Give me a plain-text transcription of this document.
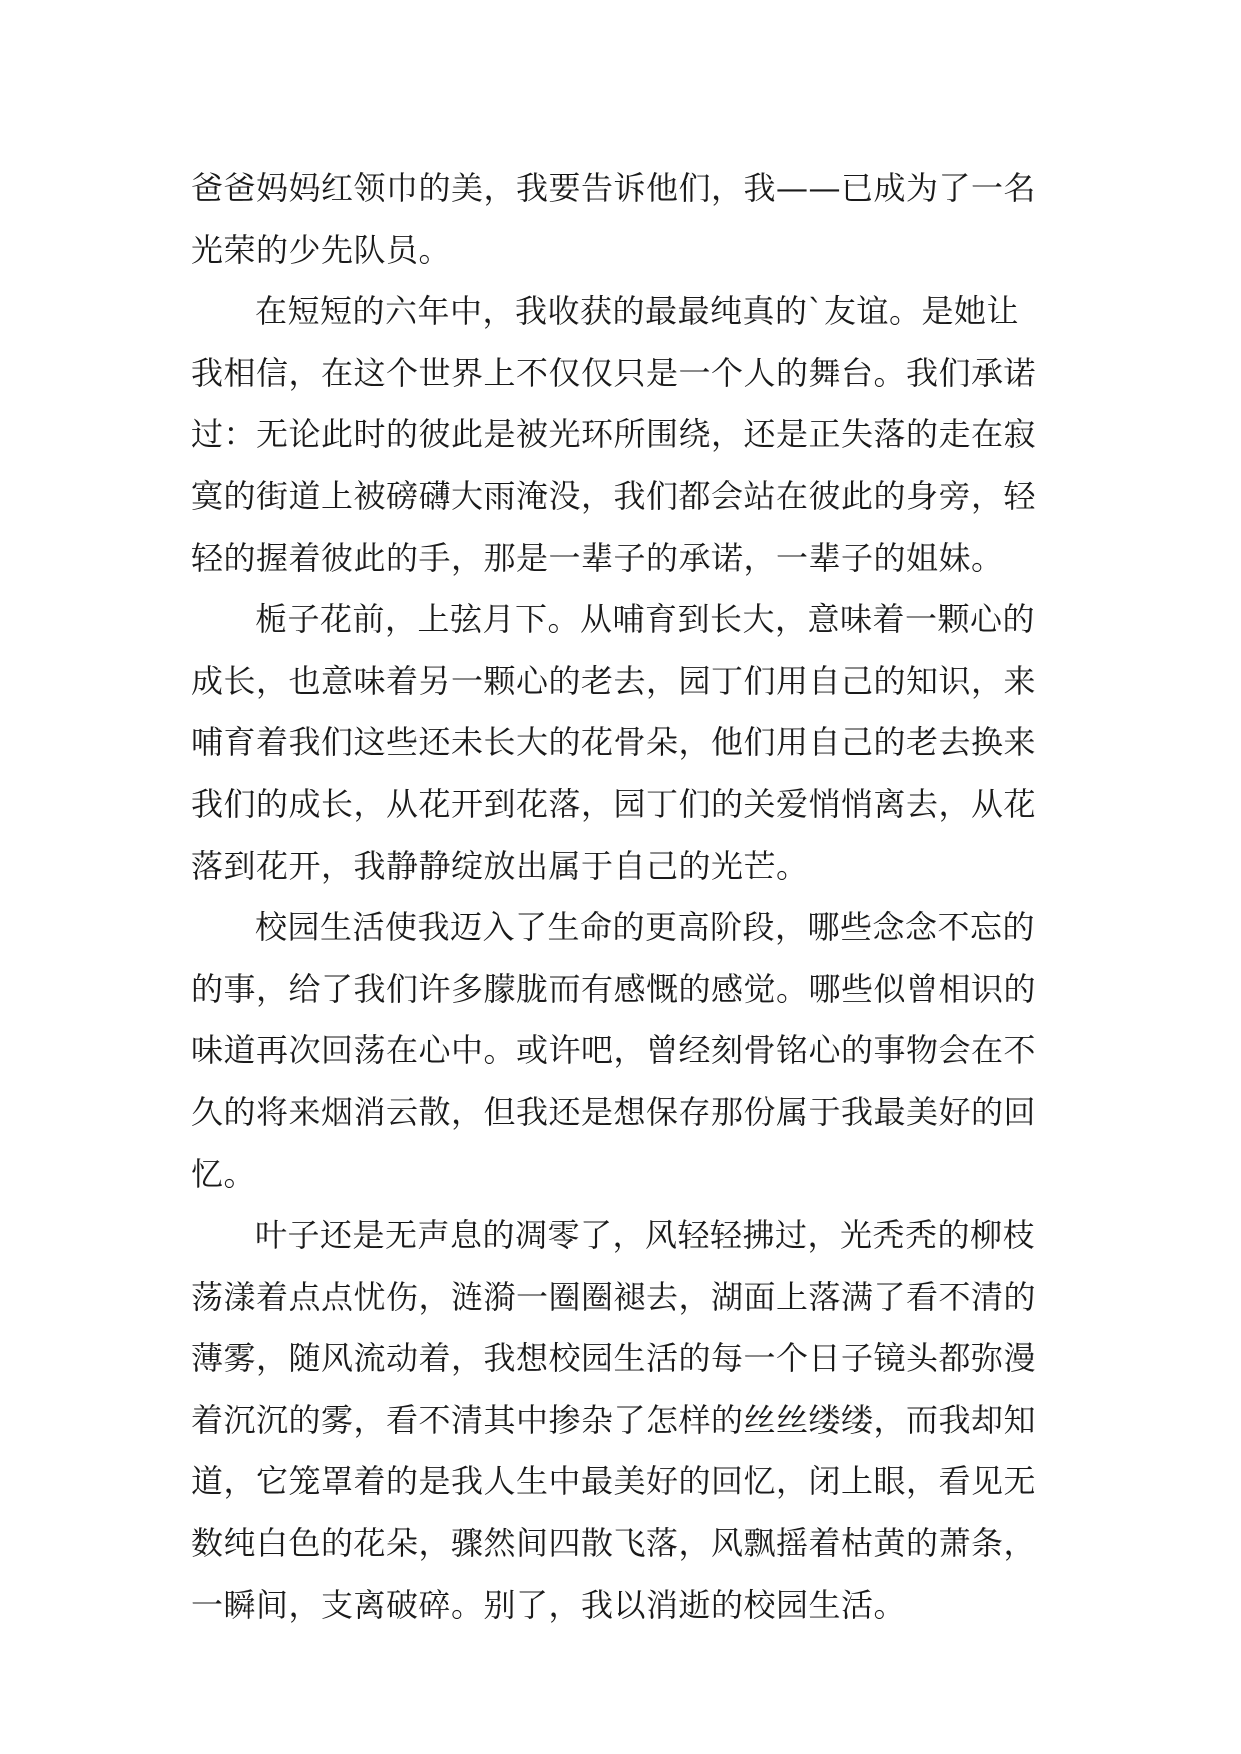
爸爸妈妈红领巾的美，我要告诉他们，我——已成为了一名
光荣的少先队员。
在短短的六年中，我收获的最最纯真的`友谊。是她让
我相信，在这个世界上不仅仅只是一个人的舞台。我们承诺
过：无论此时的彼此是被光环所围绕，还是正失落的走在寂
寞的街道上被磅礴大雨淹没，我们都会站在彼此的身旁，轻
轻的握着彼此的手，那是一辈子的承诺，一辈子的姐妹。
栀子花前，上弦月下。从哺育到长大，意味着一颗心的
成长，也意味着另一颗心的老去，园丁们用自己的知识，来
哺育着我们这些还未长大的花骨朵，他们用自己的老去换来
我们的成长，从花开到花落，园丁们的关爱悄悄离去，从花
落到花开，我静静绽放出属于自己的光芒。
校园生活使我迈入了生命的更高阶段，哪些念念不忘的
的事，给了我们许多朦胧而有感慨的感觉。哪些似曾相识的
味道再次回荡在心中。或许吧，曾经刻骨铭心的事物会在不
久的将来烟消云散，但我还是想保存那份属于我最美好的回
忆。
叶子还是无声息的凋零了，风轻轻拂过，光秃秃的柳枝
荡漾着点点忧伤，涟漪一圈圈褪去，湖面上落满了看不清的
薄雾，随风流动着，我想校园生活的每一个日子镜头都弥漫
着沉沉的雾，看不清其中掺杂了怎样的丝丝缕缕，而我却知
道，它笼罩着的是我人生中最美好的回忆，闭上眼，看见无
数纯白色的花朵，骤然间四散飞落，风飘摇着枯黄的萧条，
一瞬间，支离破碎。别了，我以消逝的校园生活。
